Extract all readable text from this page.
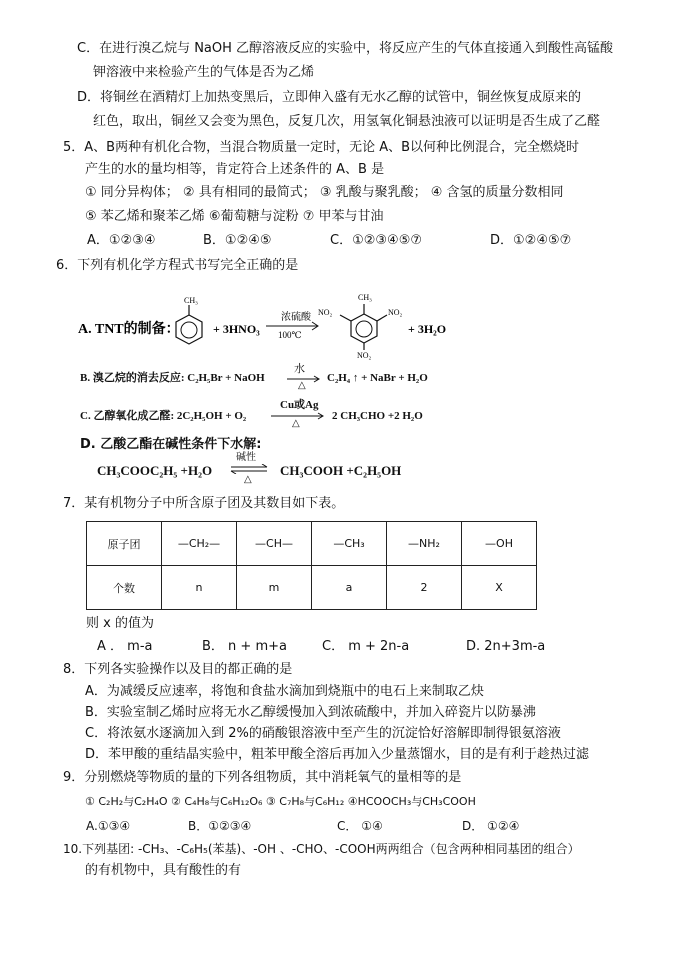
C．在进行溴乙烷与 NaOH 乙醇溶液反应的实验中，将反应产生的气体直接通入到酸性高锰酸
钾溶液中来检验产生的气体是否为乙烯
D．将铜丝在酒精灯上加热变黑后，立即伸入盛有无水乙醇的试管中，铜丝恢复成原来的
红色，取出，铜丝又会变为黑色，反复几次，用氢氧化铜悬浊液可以证明是否生成了乙醛
5．A、B两种有机化合物，当混合物质量一定时，无论 A、B以何种比例混合，完全燃烧时
产生的水的量均相等，肯定符合上述条件的 A、B 是
① 同分异构体； ② 具有相同的最简式； ③ 乳酸与聚乳酸； ④ 含氢的质量分数相同
⑤ 苯乙烯和聚苯乙烯 ⑥葡萄糖与淀粉 ⑦ 甲苯与甘油
A．①②③④	B．①②④⑤	C．①②③④⑤⑦	D．①②④⑤⑦
6．下列有机化学方程式书写完全正确的是
A. TNT的制备：
CH₃
+ 3HNO₃
浓硫酸
100℃
CH₃
NO₂	NO₂
NO₂
+ 3H₂O
B. 溴乙烷的消去反应: C₂H₅Br + NaOH
水
△
C₂H₄ ↑ + NaBr + H₂O
C. 乙醇氧化成乙醛: 2C₂H₅OH + O₂
Cu或Ag
△
2 CH₃CHO +2 H₂O
D. 乙酸乙酯在碱性条件下水解:
CH₃COOC₂H₅ +H₂O
碱性
△
CH₃COOH +C₂H₅OH
7．某有机物分子中所含原子团及其数目如下表。
原子团	—CH₂—	—CH—	—CH₃	—NH₂	—OH
个数	n	m	a	2	X
则 x 的值为
A ． m-a	B． n + m+a	C． m + 2n-a	D. 2n+3m-a
8．下列各实验操作以及目的都正确的是
A．为减缓反应速率，将饱和食盐水滴加到烧瓶中的电石上来制取乙炔
B．实验室制乙烯时应将无水乙醇缓慢加入到浓硫酸中，并加入碎瓷片以防暴沸
C．将浓氨水逐滴加入到 2%的硝酸银溶液中至产生的沉淀恰好溶解即制得银氨溶液
D．苯甲酸的重结晶实验中，粗苯甲酸全溶后再加入少量蒸馏水，目的是有利于趁热过滤
9．分别燃烧等物质的量的下列各组物质，其中消耗氧气的量相等的是
① C₂H₂与C₂H₄O ② C₄H₈与C₆H₁₂O₆ ③ C₇H₈与C₆H₁₂ ④HCOOCH₃与CH₃COOH
A.①③④	B．①②③④	C． ①④	D． ①②④
10.下列基团: -CH₃、-C₆H₅(苯基)、-OH 、-CHO、-COOH两两组合（包含两种相同基团的组合）
的有机物中，具有酸性的有
